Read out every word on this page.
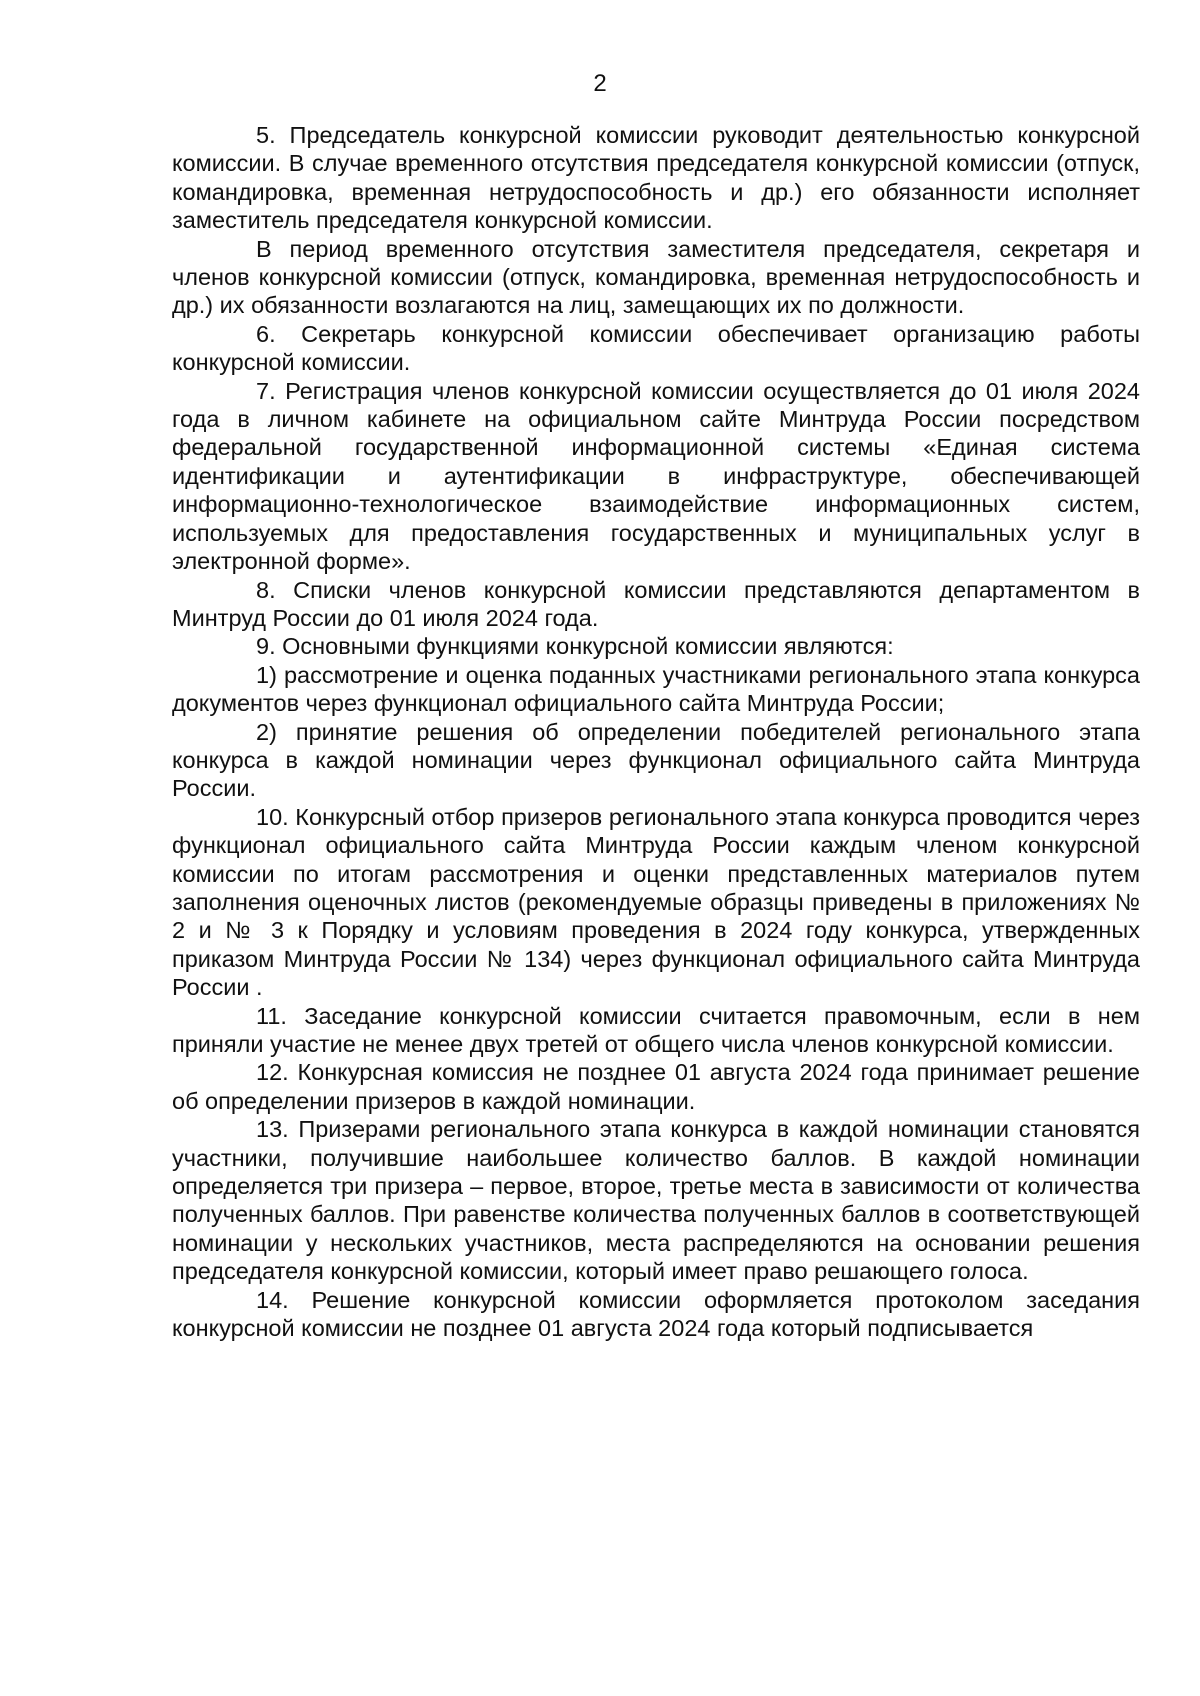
2

5. Председатель конкурсной комиссии руководит деятельностью конкурсной комиссии. В случае временного отсутствия председателя конкурсной комиссии (отпуск, командировка, временная нетрудоспособность и др.) его обязанности исполняет заместитель председателя конкурсной комиссии.

В период временного отсутствия заместителя председателя, секретаря и членов конкурсной комиссии (отпуск, командировка, временная нетрудоспособность и др.) их обязанности возлагаются на лиц, замещающих их по должности.

6. Секретарь конкурсной комиссии обеспечивает организацию работы конкурсной комиссии.

7. Регистрация членов конкурсной комиссии осуществляется до 01 июля 2024 года в личном кабинете на официальном сайте Минтруда России посредством федеральной государственной информационной системы «Единая система идентификации и аутентификации в инфраструктуре, обеспечивающей информационно-технологическое взаимодействие информационных систем, используемых для предоставления государственных и муниципальных услуг в электронной форме».

8. Списки членов конкурсной комиссии представляются департаментом в Минтруд России до 01 июля 2024 года.

9. Основными функциями конкурсной комиссии являются:

1) рассмотрение и оценка поданных участниками регионального этапа конкурса документов через функционал официального сайта Минтруда России;

2) принятие решения об определении победителей регионального этапа конкурса в каждой номинации через функционал официального сайта Минтруда России.

10. Конкурсный отбор призеров регионального этапа конкурса проводится через функционал официального сайта Минтруда России каждым членом конкурсной комиссии по итогам рассмотрения и оценки представленных материалов путем заполнения оценочных листов (рекомендуемые образцы приведены в приложениях № 2 и № 3 к Порядку и условиям проведения в 2024 году конкурса, утвержденных приказом Минтруда России № 134) через функционал официального сайта Минтруда России .

11. Заседание конкурсной комиссии считается правомочным, если в нем приняли участие не менее двух третей от общего числа членов конкурсной комиссии.

12. Конкурсная комиссия не позднее 01 августа 2024 года принимает решение об определении призеров в каждой номинации.

13. Призерами регионального этапа конкурса в каждой номинации становятся участники, получившие наибольшее количество баллов. В каждой номинации определяется три призера – первое, второе, третье места в зависимости от количества полученных баллов. При равенстве количества полученных баллов в соответствующей номинации у нескольких участников, места распределяются на основании решения председателя конкурсной комиссии, который имеет право решающего голоса.

14. Решение конкурсной комиссии оформляется протоколом заседания конкурсной комиссии не позднее 01 августа 2024 года который подписывается
